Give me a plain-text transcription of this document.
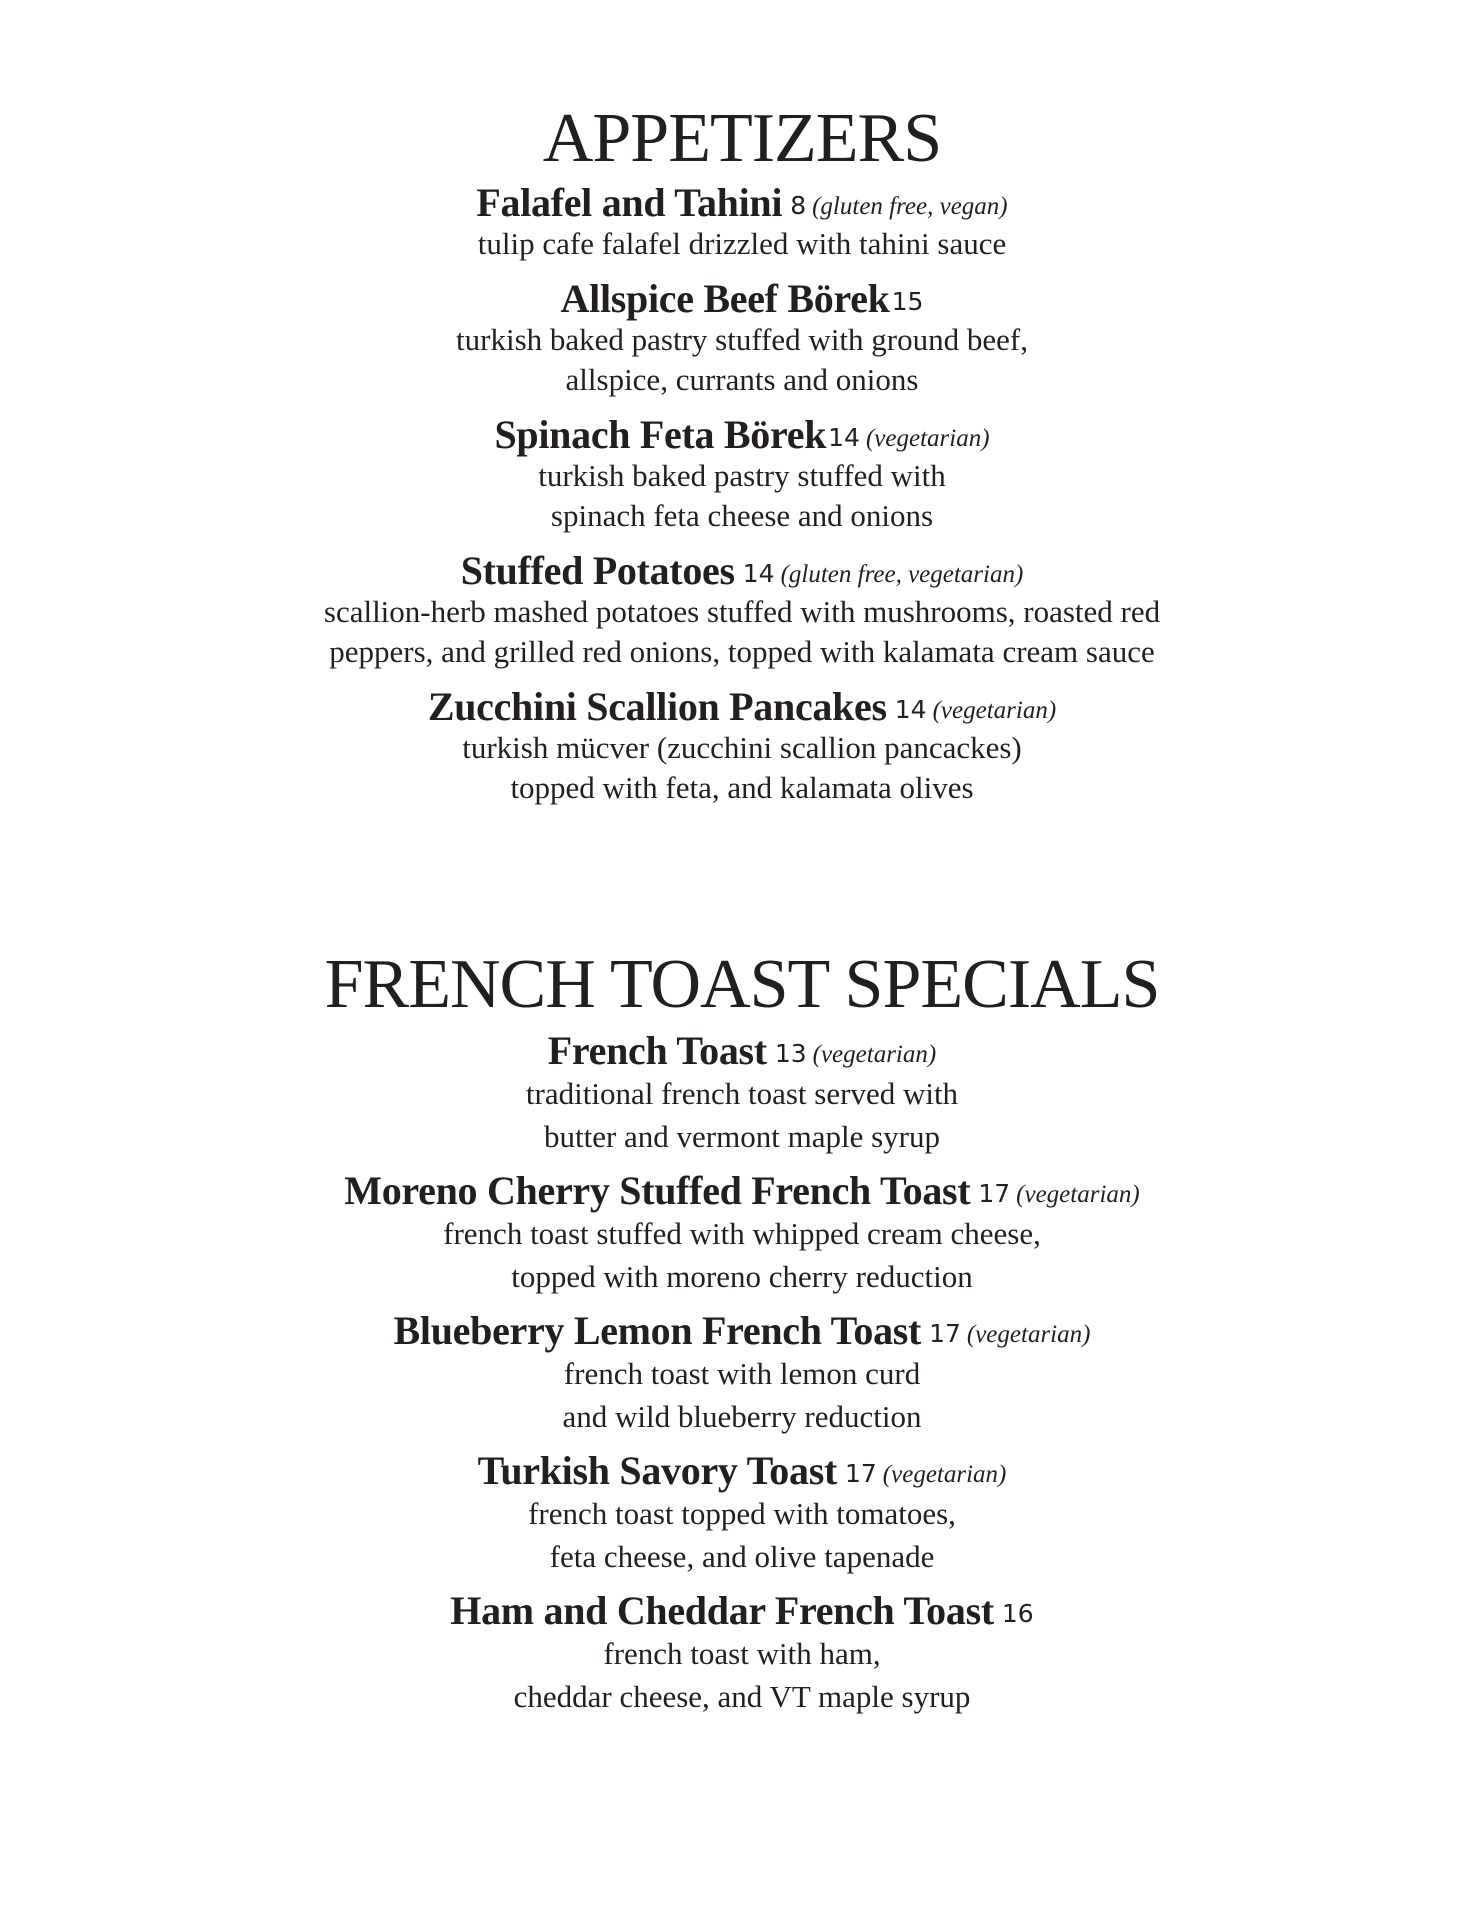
APPETIZERS
Falafel and Tahini 8 (gluten free, vegan)
tulip cafe falafel drizzled with tahini sauce
Allspice Beef Börek15
turkish baked pastry stuffed with ground beef,
allspice, currants and onions
Spinach Feta Börek14 (vegetarian)
turkish baked pastry stuffed with
spinach feta cheese and onions
Stuffed Potatoes 14 (gluten free, vegetarian)
scallion-herb mashed potatoes stuffed with mushrooms, roasted red
peppers, and grilled red onions, topped with kalamata cream sauce
Zucchini Scallion Pancakes 14 (vegetarian)
turkish mücver (zucchini scallion pancackes)
topped with feta, and kalamata olives
FRENCH TOAST SPECIALS
French Toast 13 (vegetarian)
traditional french toast served with
butter and vermont maple syrup
Moreno Cherry Stuffed French Toast 17 (vegetarian)
french toast stuffed with whipped cream cheese,
topped with moreno cherry reduction
Blueberry Lemon French Toast 17 (vegetarian)
french toast with lemon curd
and wild blueberry reduction
Turkish Savory Toast 17 (vegetarian)
french toast topped with tomatoes,
feta cheese, and olive tapenade
Ham and Cheddar French Toast 16
french toast with ham,
cheddar cheese, and VT maple syrup
